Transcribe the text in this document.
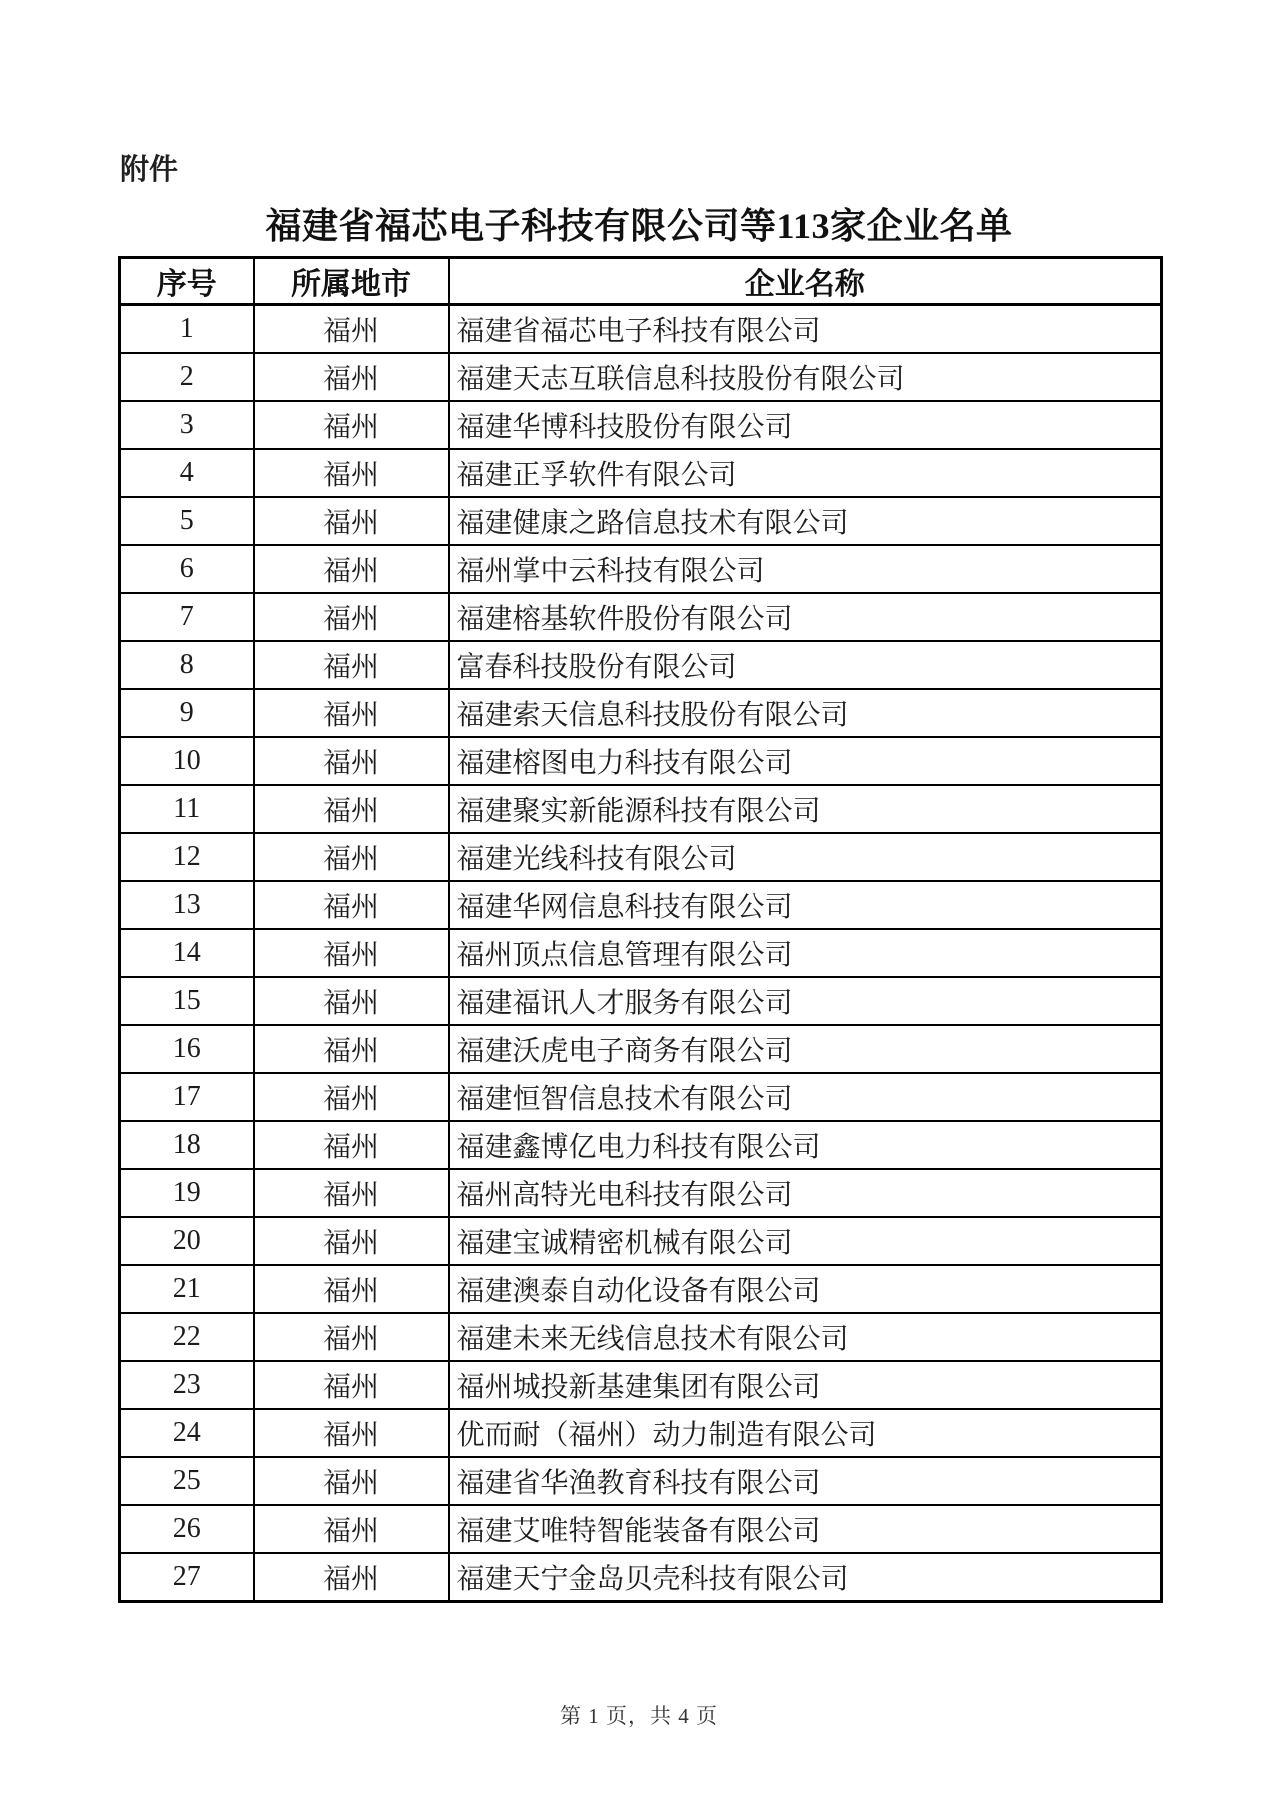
附件
福建省福芯电子科技有限公司等113家企业名单
序号	所属地市	企业名称
1	福州	福建省福芯电子科技有限公司
2	福州	福建天志互联信息科技股份有限公司
3	福州	福建华博科技股份有限公司
4	福州	福建正孚软件有限公司
5	福州	福建健康之路信息技术有限公司
6	福州	福州掌中云科技有限公司
7	福州	福建榕基软件股份有限公司
8	福州	富春科技股份有限公司
9	福州	福建索天信息科技股份有限公司
10	福州	福建榕图电力科技有限公司
11	福州	福建聚实新能源科技有限公司
12	福州	福建光线科技有限公司
13	福州	福建华网信息科技有限公司
14	福州	福州顶点信息管理有限公司
15	福州	福建福讯人才服务有限公司
16	福州	福建沃虎电子商务有限公司
17	福州	福建恒智信息技术有限公司
18	福州	福建鑫博亿电力科技有限公司
19	福州	福州高特光电科技有限公司
20	福州	福建宝诚精密机械有限公司
21	福州	福建澳泰自动化设备有限公司
22	福州	福建未来无线信息技术有限公司
23	福州	福州城投新基建集团有限公司
24	福州	优而耐（福州）动力制造有限公司
25	福州	福建省华渔教育科技有限公司
26	福州	福建艾唯特智能装备有限公司
27	福州	福建天宁金岛贝壳科技有限公司
第 1 页，共 4 页
